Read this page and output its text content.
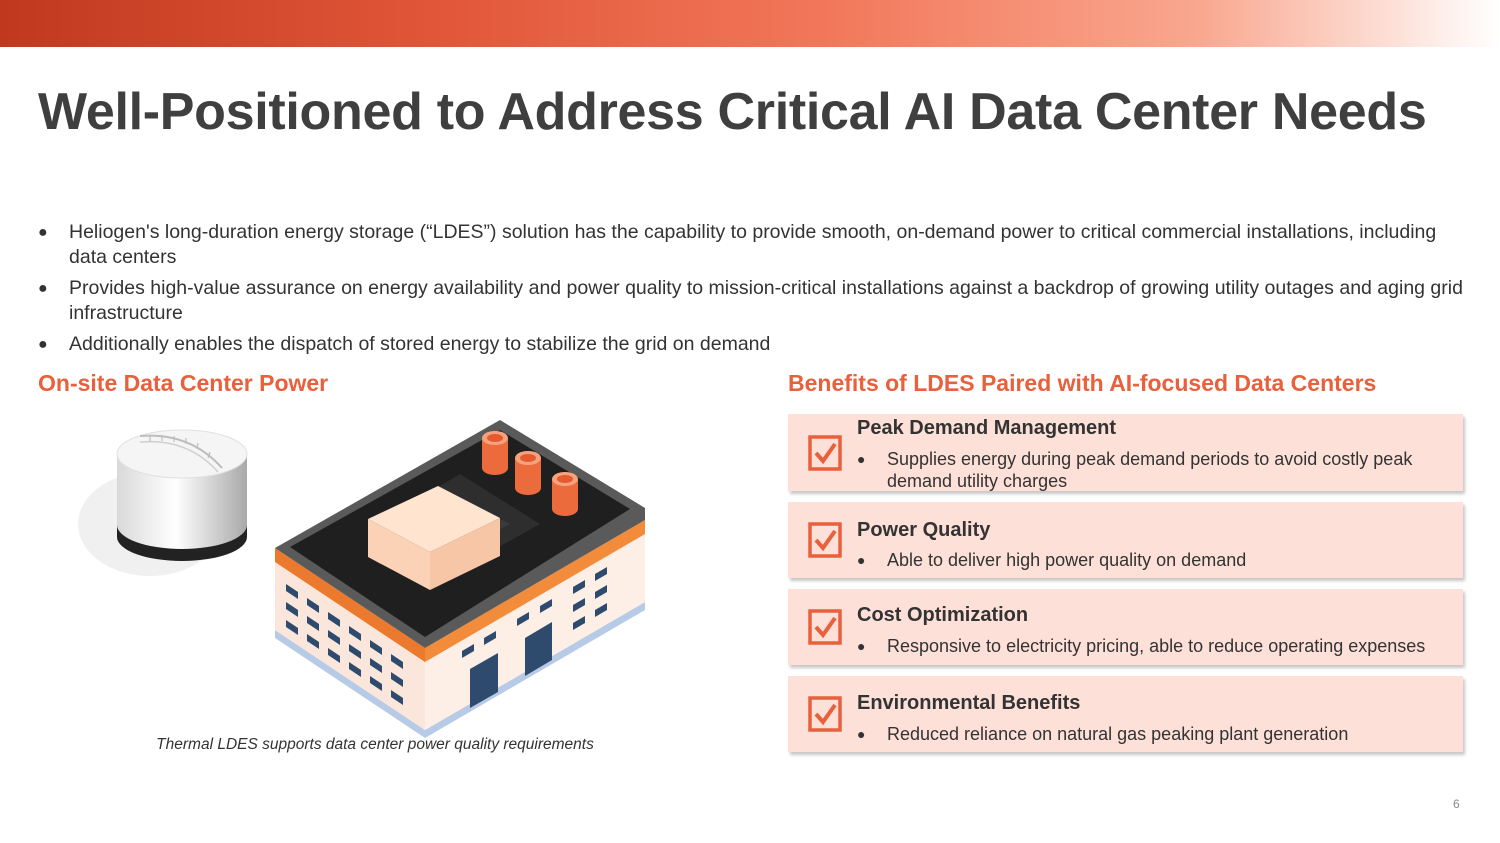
Well-Positioned to Address Critical AI Data Center Needs
● Heliogen's long-duration energy storage (“LDES”) solution has the capability to provide smooth, on-demand power to critical commercial installations, including data centers
● Provides high-value assurance on energy availability and power quality to mission-critical installations against a backdrop of growing utility outages and aging grid infrastructure
● Additionally enables the dispatch of stored energy to stabilize the grid on demand
On-site Data Center Power	Benefits of LDES Paired with AI-focused Data Centers
Thermal LDES supports data center power quality requirements
Peak Demand Management
● Supplies energy during peak demand periods to avoid costly peak demand utility charges
Power Quality
● Able to deliver high power quality on demand
Cost Optimization
● Responsive to electricity pricing, able to reduce operating expenses
Environmental Benefits
● Reduced reliance on natural gas peaking plant generation
6
